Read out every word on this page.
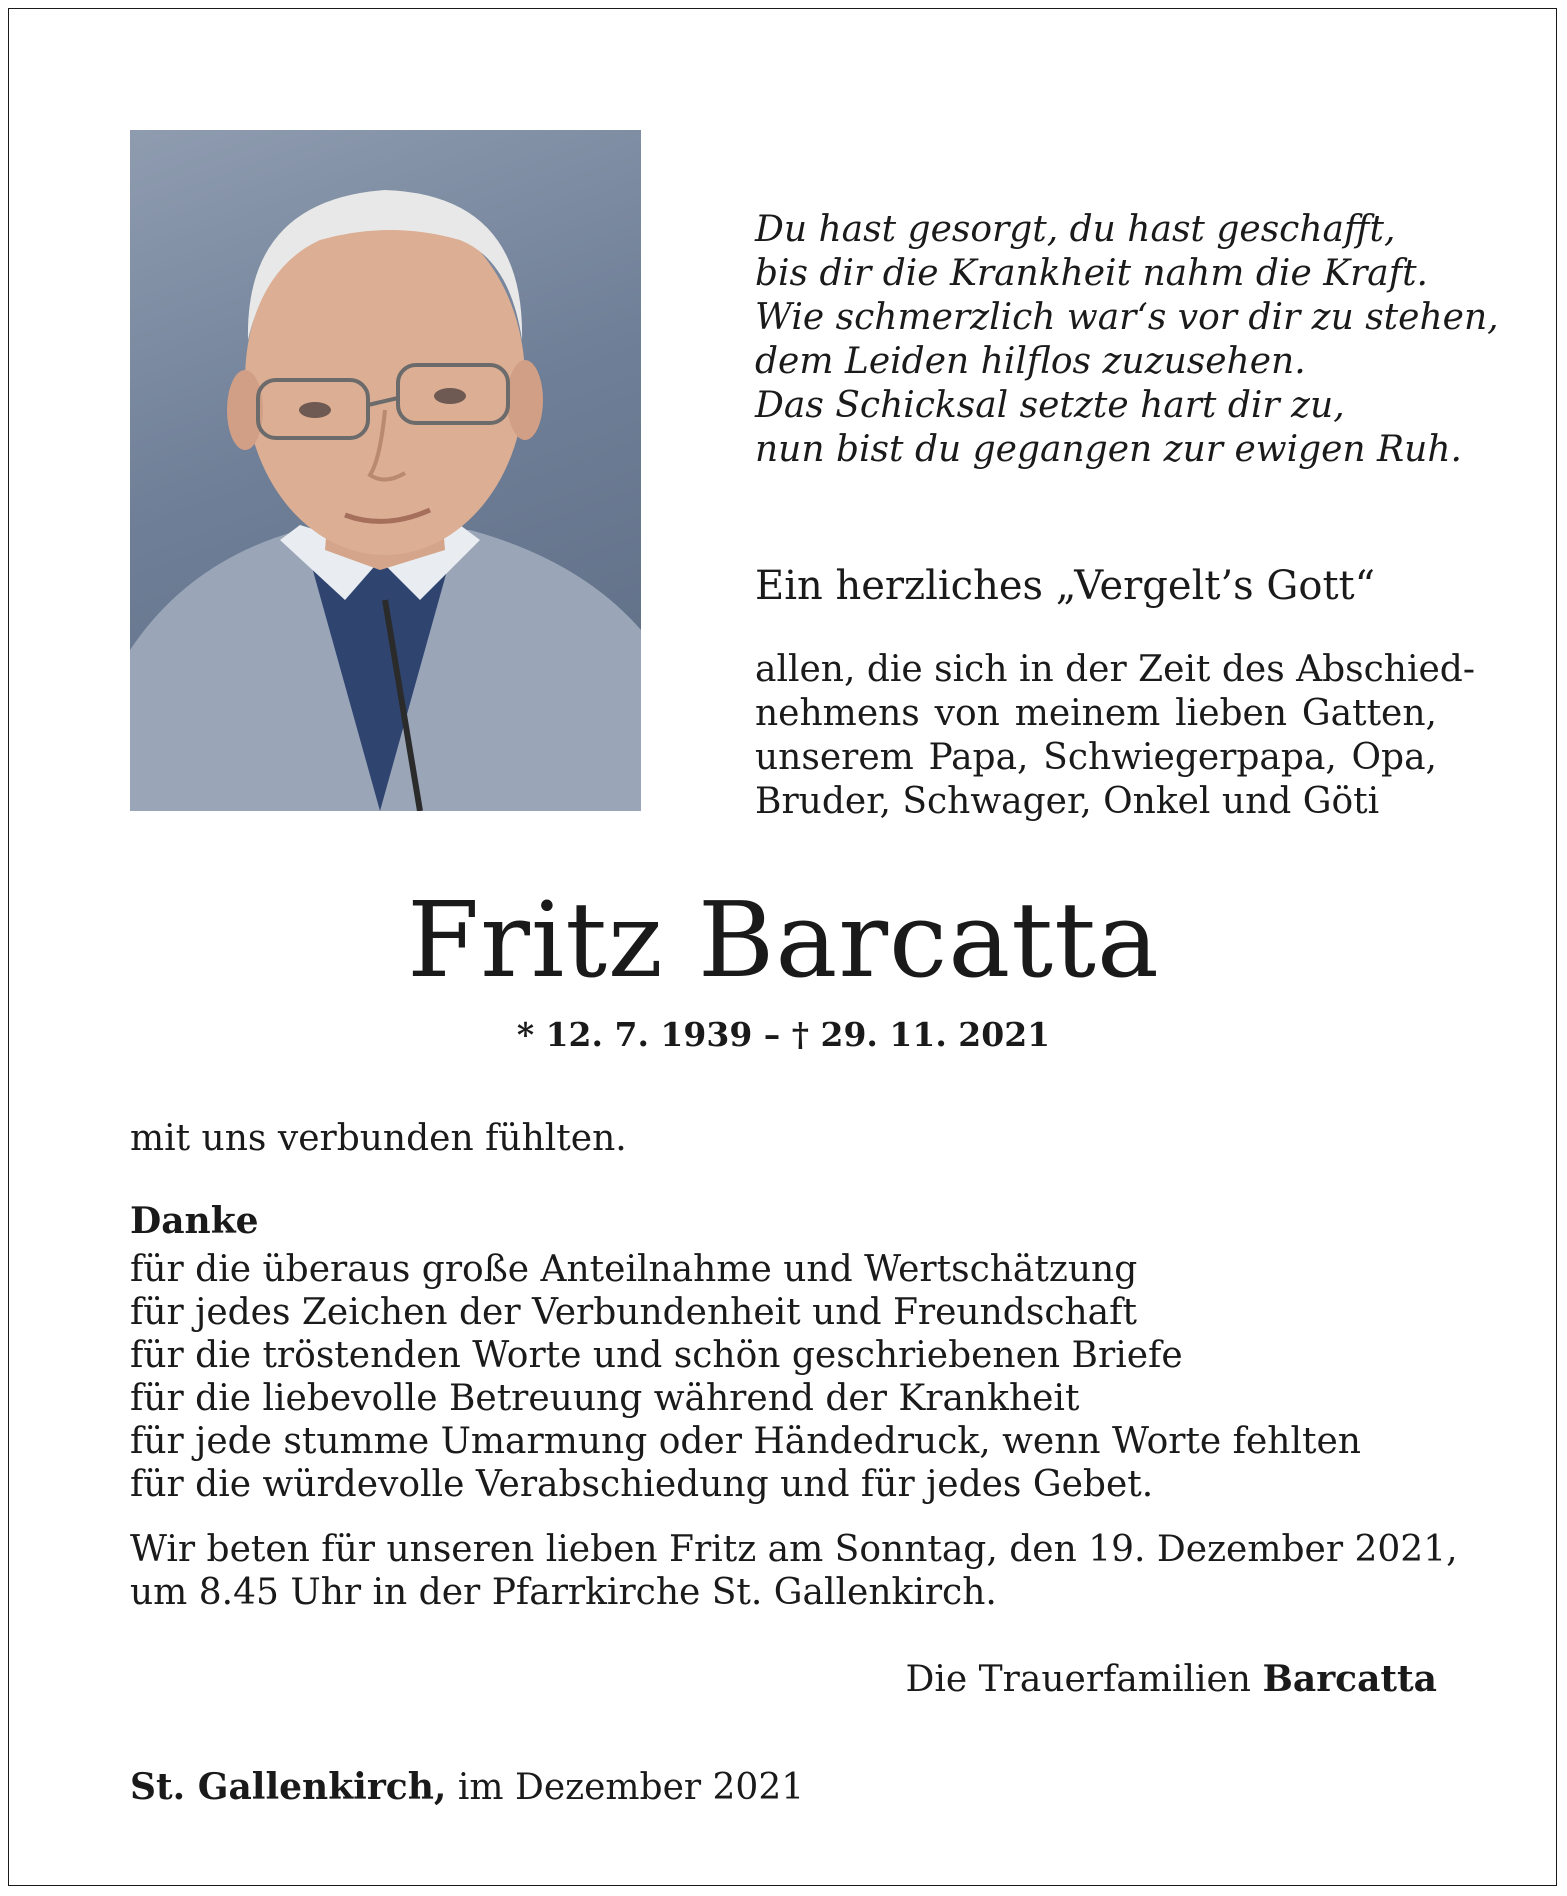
Du hast gesorgt, du hast geschafft,
bis dir die Krankheit nahm die Kraft.
Wie schmerzlich war‘s vor dir zu stehen,
dem Leiden hilflos zuzusehen.
Das Schicksal setzte hart dir zu,
nun bist du gegangen zur ewigen Ruh.
Ein herzliches „Vergelt’s Gott“
allen, die sich in der Zeit des Abschied-
nehmens von meinem lieben Gatten,
unserem Papa, Schwiegerpapa, Opa,
Bruder, Schwager, Onkel und Göti
Fritz Barcatta

* 12. 7. 1939 – † 29. 11. 2021

mit uns verbunden fühlten.

Danke

für die überaus große Anteilnahme und Wertschätzung
für jedes Zeichen der Verbundenheit und Freundschaft
für die tröstenden Worte und schön geschriebenen Briefe
für die liebevolle Betreuung während der Krankheit
für jede stumme Umarmung oder Händedruck, wenn Worte fehlten
für die würdevolle Verabschiedung und für jedes Gebet.
Wir beten für unseren lieben Fritz am Sonntag, den 19. Dezember 2021,
um 8.45 Uhr in der Pfarrkirche St. Gallenkirch.

Die Trauerfamilien Barcatta

St. Gallenkirch, im Dezember 2021
